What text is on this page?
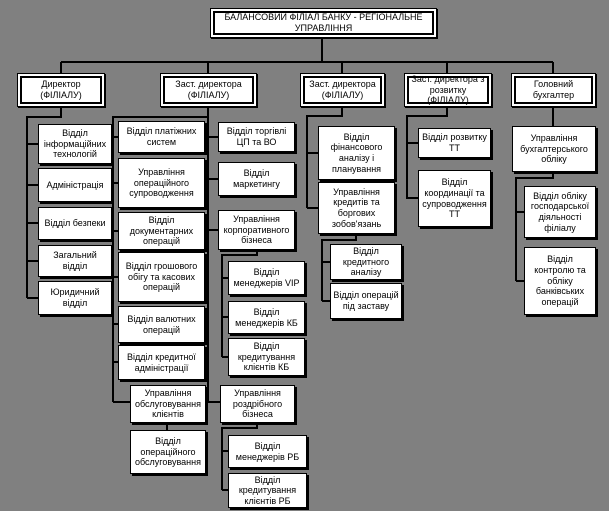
БАЛАНСОВИЙ ФІЛІАЛ БАНКУ - РЕГІОНАЛЬНЕ УПРАВЛІННЯ
Директор (ФІЛІАЛУ)
Заст. директора (ФІЛІАЛУ)
Заст. директора (ФІЛІАЛУ)
Заст. директора з розвитку (ФІЛІАЛУ)
Головний бухгалтер
Відділ інформаційних технологій
Адміністрація
Відділ безпеки
Загальний відділ
Юридичний відділ
Відділ платіжних систем
Управління операційного супроводження
Відділ документарних операцій
Відділ грошового обігу та касових операцій
Відділ валютних операцій
Відділ кредитної адміністрації
Управління обслуговування клієнтів
Відділ операційного обслуговування
Відділ торгівлі ЦП та ВО
Відділ маркетингу
Управління корпоративного бізнеса
Відділ менеджерів VIP
Відділ менеджерів КБ
Відділ кредитування клієнтів КБ
Управління роздрібного бізнеса
Відділ менеджерів РБ
Відділ кредитування клієнтів РБ
Відділ фінансового аналізу і планування
Управління кредитів та боргових зобов'язань
Відділ кредитного аналізу
Відділ операцій під заставу
Відділ розвитку ТТ
Відділ координації та супроводження ТТ
Управління бухгалтерського обліку
Відділ обліку господарської діяльності філіалу
Відділ контролю та обліку банківських операцій
